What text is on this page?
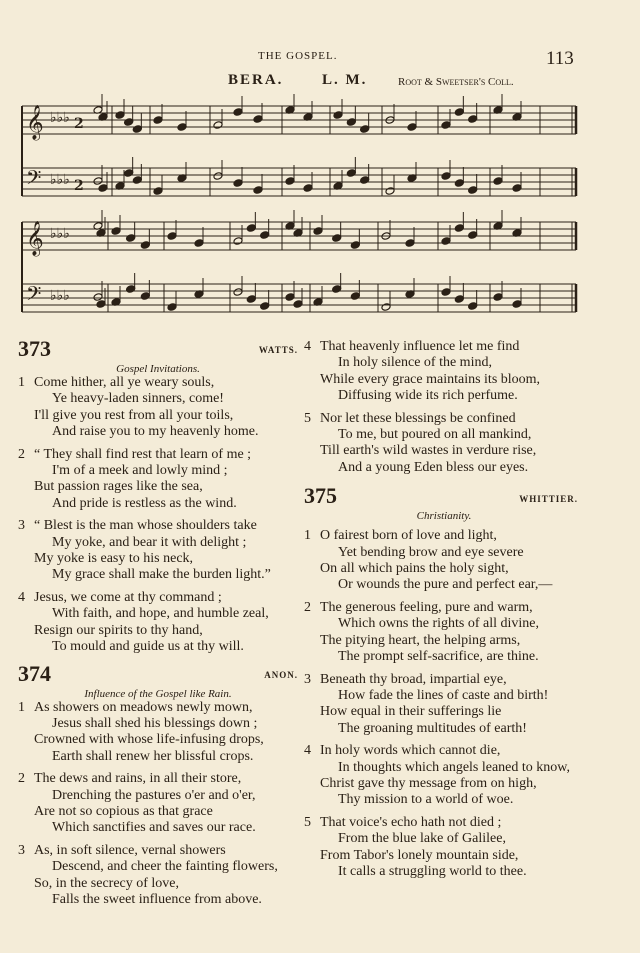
THE GOSPEL.	113
BERA.	L. M.	Root & Sweetser's Coll.
𝄞 ♭♭♭ 2
𝄢 ♭♭♭ 2
𝄞 ♭♭♭
𝄢 ♭♭♭
373	WATTS.

Gospel Invitations.

1 Come hither, all ye weary souls,
Ye heavy-laden sinners, come!
I'll give you rest from all your toils,
And raise you to my heavenly home.
2 “ They shall find rest that learn of me ;
I'm of a meek and lowly mind ;
But passion rages like the sea,
And pride is restless as the wind.
3 “ Blest is the man whose shoulders take
My yoke, and bear it with delight ;
My yoke is easy to his neck,
My grace shall make the burden light.”
4 Jesus, we come at thy command ;
With faith, and hope, and humble zeal,
Resign our spirits to thy hand,
To mould and guide us at thy will.
374	ANON.

Influence of the Gospel like Rain.

1 As showers on meadows newly mown,
Jesus shall shed his blessings down ;
Crowned with whose life-infusing drops,
Earth shall renew her blissful crops.
2 The dews and rains, in all their store,
Drenching the pastures o'er and o'er,
Are not so copious as that grace
Which sanctifies and saves our race.
3 As, in soft silence, vernal showers
Descend, and cheer the fainting flowers,
So, in the secrecy of love,
Falls the sweet influence from above.
4 That heavenly influence let me find
In holy silence of the mind,
While every grace maintains its bloom,
Diffusing wide its rich perfume.
5 Nor let these blessings be confined
To me, but poured on all mankind,
Till earth's wild wastes in verdure rise,
And a young Eden bless our eyes.
375	WHITTIER.

Christianity.

1 O fairest born of love and light,
Yet bending brow and eye severe
On all which pains the holy sight,
Or wounds the pure and perfect ear,—
2 The generous feeling, pure and warm,
Which owns the rights of all divine,
The pitying heart, the helping arms,
The prompt self-sacrifice, are thine.
3 Beneath thy broad, impartial eye,
How fade the lines of caste and birth!
How equal in their sufferings lie
The groaning multitudes of earth!
4 In holy words which cannot die,
In thoughts which angels leaned to know,
Christ gave thy message from on high,
Thy mission to a world of woe.
5 That voice's echo hath not died ;
From the blue lake of Galilee,
From Tabor's lonely mountain side,
It calls a struggling world to thee.
